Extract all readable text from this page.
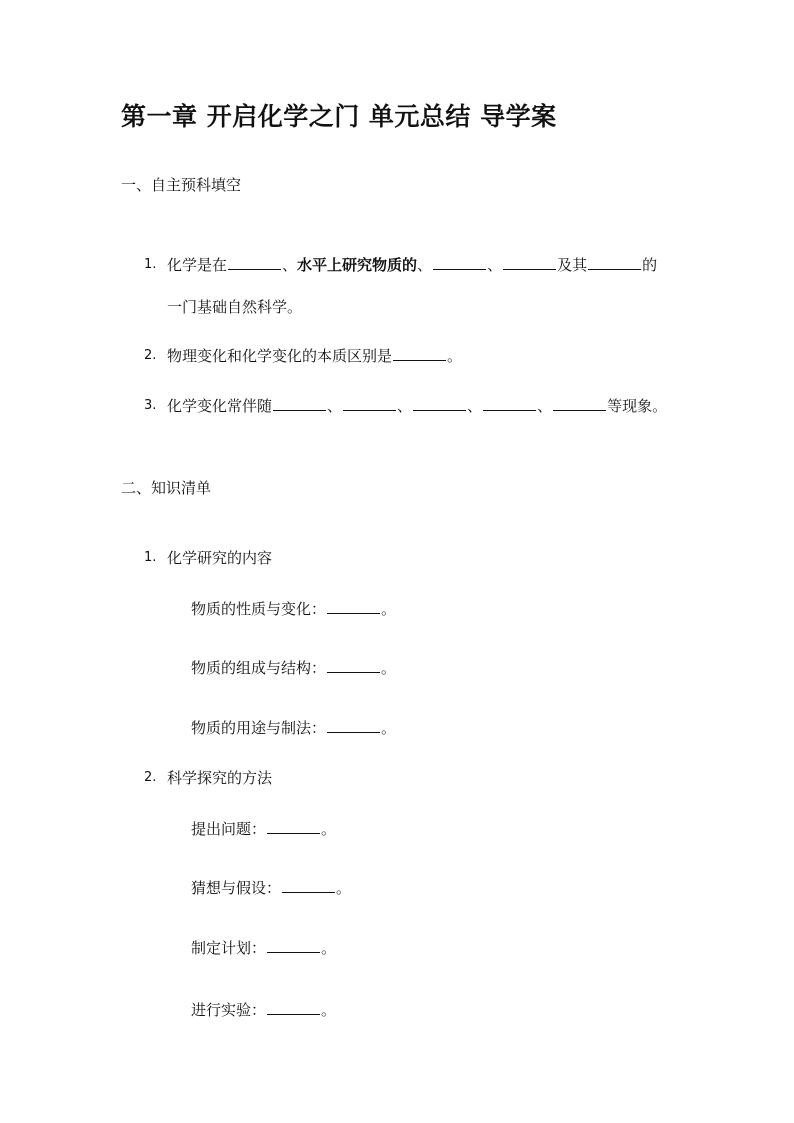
第一章 开启化学之门 单元总结 导学案
一、自主预科填空
1. 化学是在	、水平上研究物质的、	、	及其	的
一门基础自然科学。
2. 物理变化和化学变化的本质区别是	。
3. 化学变化常伴随	、	、	、	、	等现象。
二、知识清单
1. 化学研究的内容
物质的性质与变化：	。
物质的组成与结构：	。
物质的用途与制法：	。
2. 科学探究的方法
提出问题：	。
猜想与假设：	。
制定计划：	。
进行实验：	。
